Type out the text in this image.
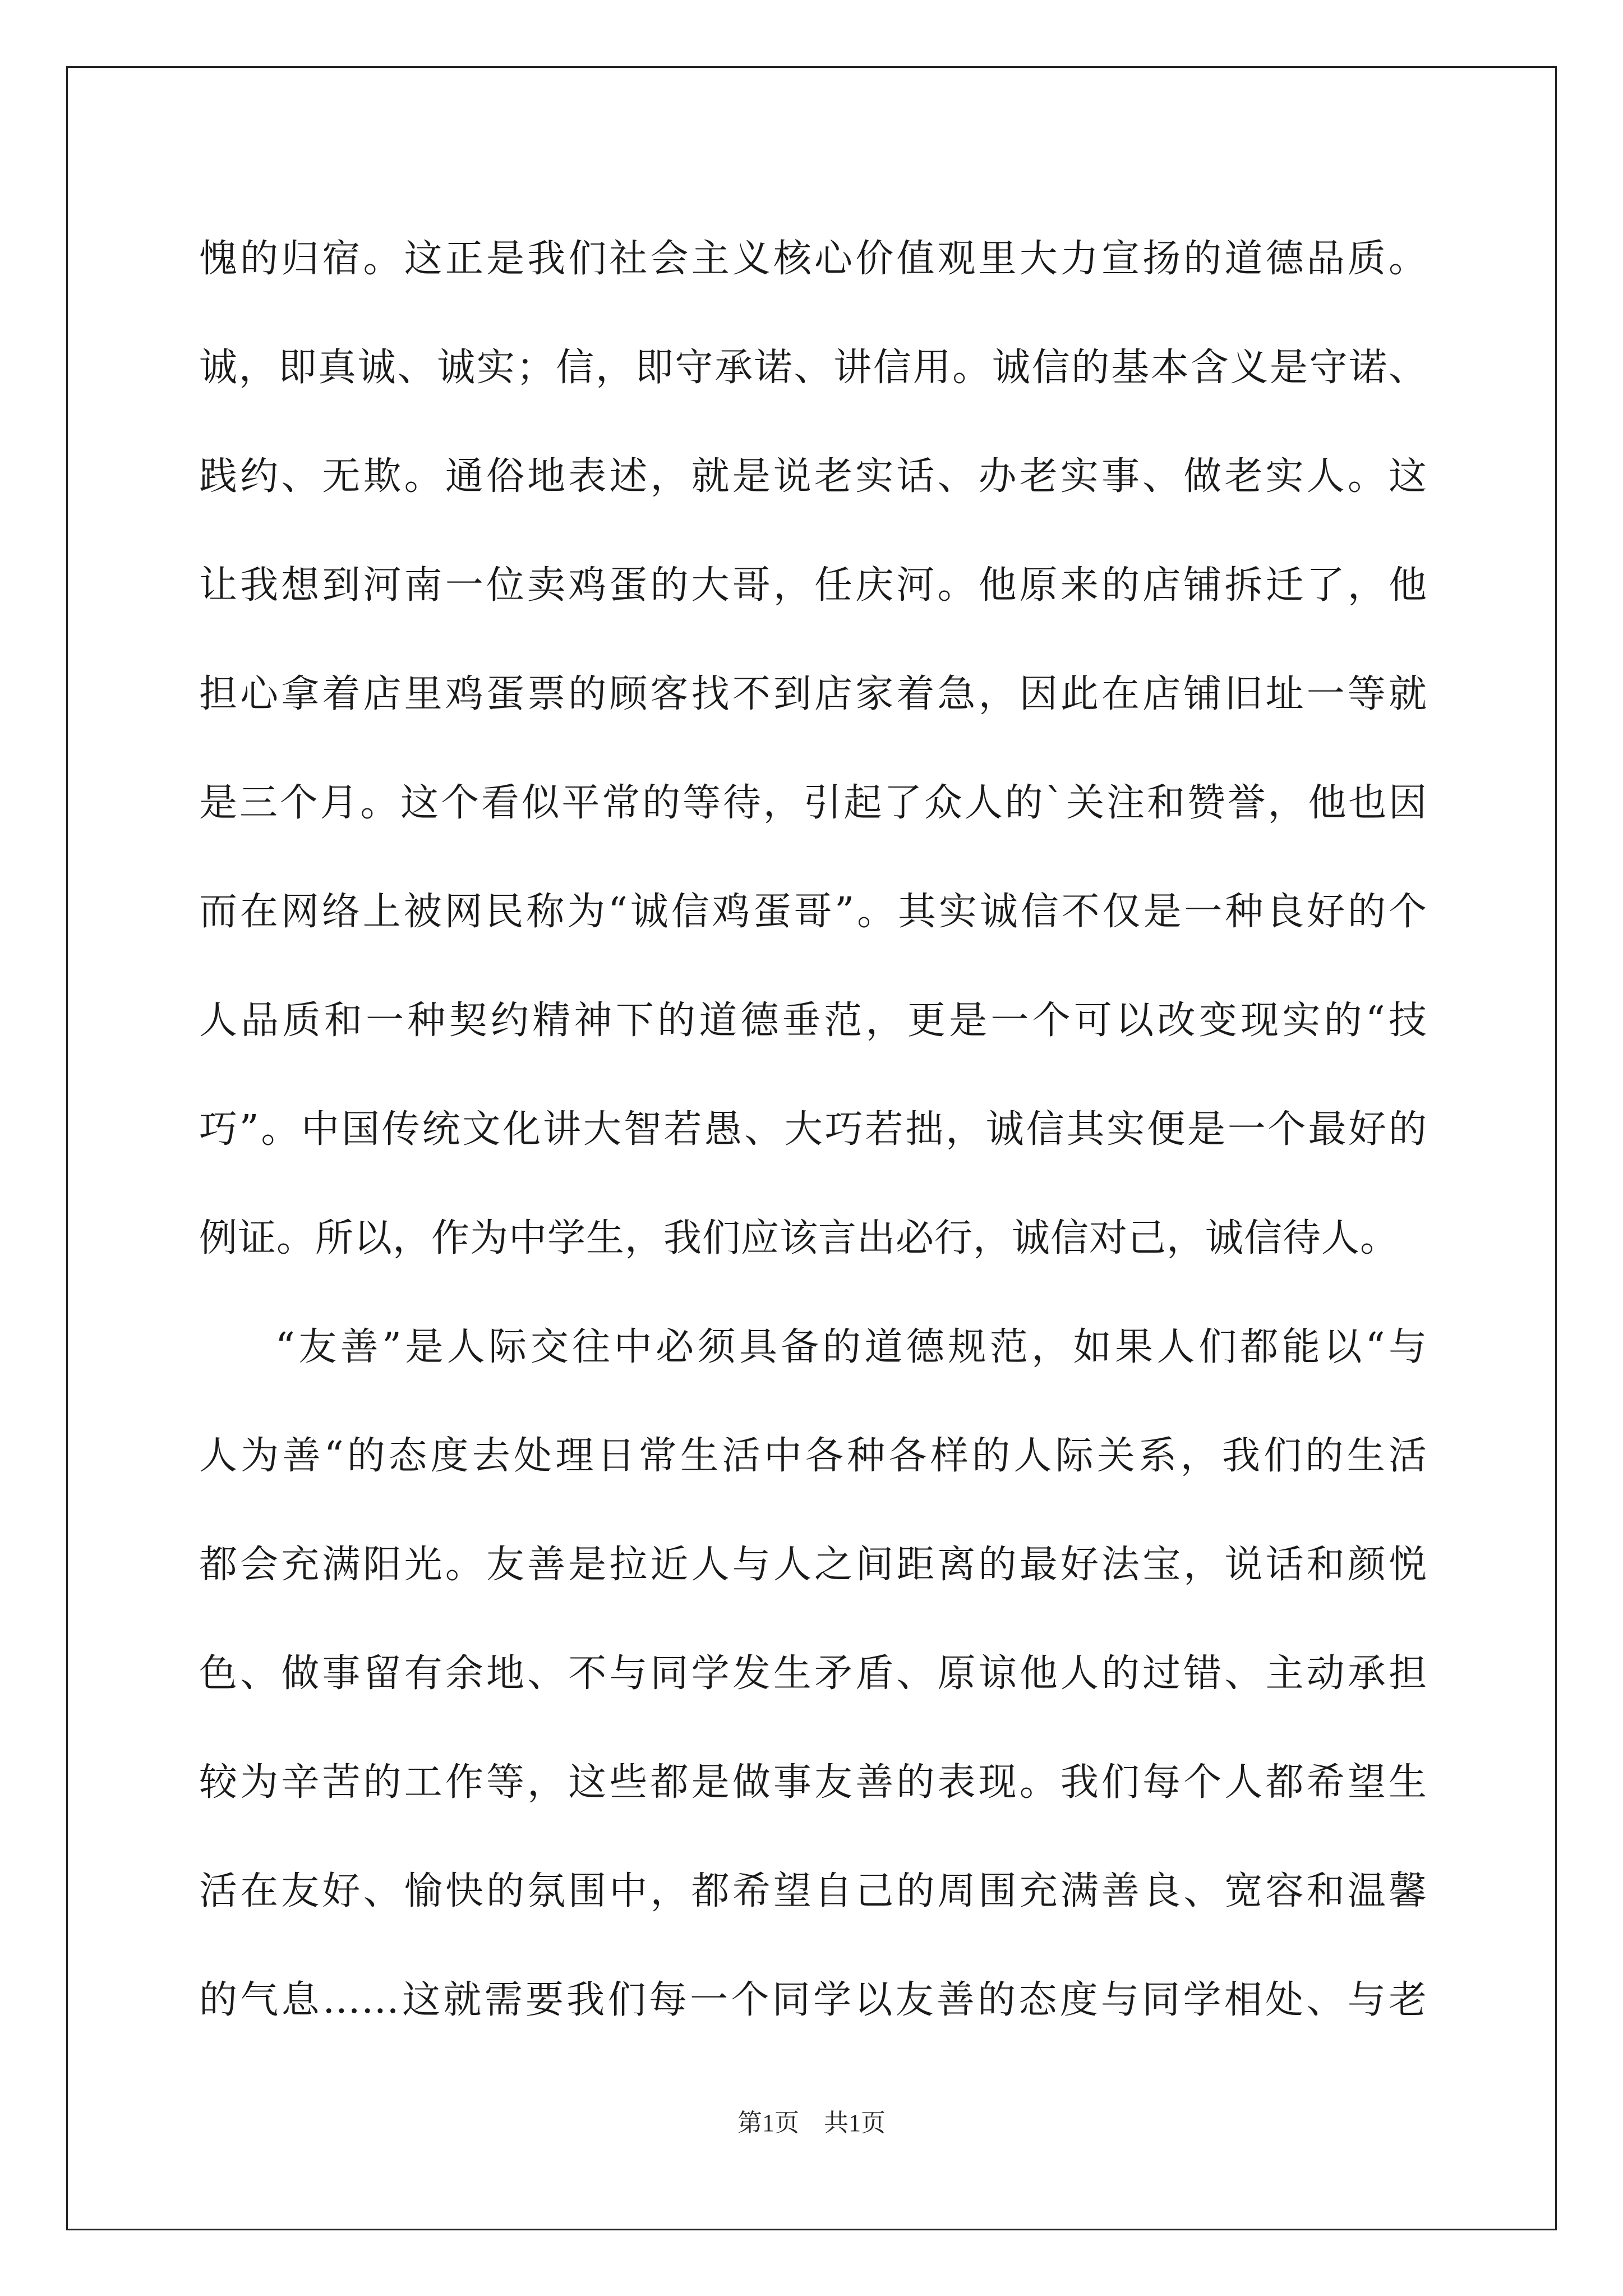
愧的归宿。这正是我们社会主义核心价值观里大力宣扬的道德品质。
诚，即真诚、诚实；信，即守承诺、讲信用。诚信的基本含义是守诺、
践约、无欺。通俗地表述，就是说老实话、办老实事、做老实人。这
让我想到河南一位卖鸡蛋的大哥，任庆河。他原来的店铺拆迁了，他
担心拿着店里鸡蛋票的顾客找不到店家着急，因此在店铺旧址一等就
是三个月。这个看似平常的等待，引起了众人的`关注和赞誉，他也因
而在网络上被网民称为“诚信鸡蛋哥”。其实诚信不仅是一种良好的个
人品质和一种契约精神下的道德垂范，更是一个可以改变现实的“技
巧”。中国传统文化讲大智若愚、大巧若拙，诚信其实便是一个最好的
例证。所以，作为中学生，我们应该言出必行，诚信对己，诚信待人。
“友善”是人际交往中必须具备的道德规范，如果人们都能以“与
人为善“的态度去处理日常生活中各种各样的人际关系，我们的生活
都会充满阳光。友善是拉近人与人之间距离的最好法宝，说话和颜悦
色、做事留有余地、不与同学发生矛盾、原谅他人的过错、主动承担
较为辛苦的工作等，这些都是做事友善的表现。我们每个人都希望生
活在友好、愉快的氛围中，都希望自己的周围充满善良、宽容和温馨
的气息……这就需要我们每一个同学以友善的态度与同学相处、与老
第1页　共1页
